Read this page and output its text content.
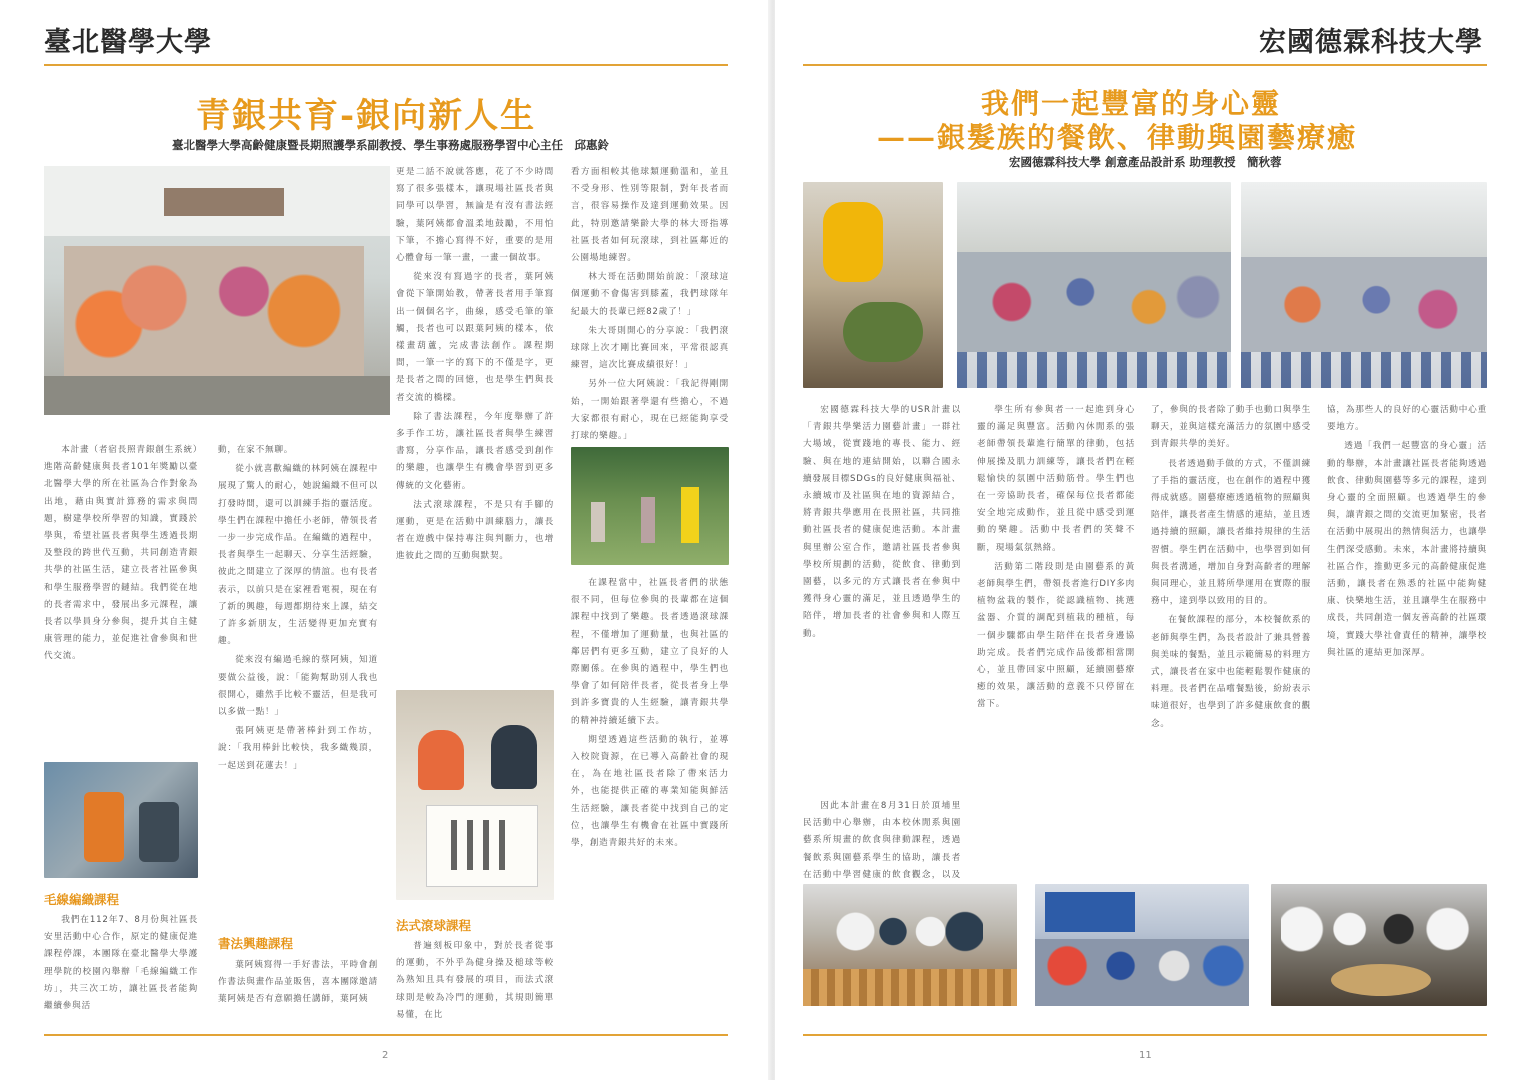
臺北醫學大學
青銀共育-銀向新人生
臺北醫學大學高齡健康暨長期照護學系副教授、學生事務處服務學習中心主任　邱惠鈴

本計畫（者宿長照青銀創生系統）進階高齡健康與長者101年獎勵以臺北醫學大學的所在社區為合作對象為出地，藉由與實計算務的需求與問題，樹建學校所學習的知識，實踐於學與，希望社區長者與學生透過長期及整段的跨世代互動，共同創造青銀共學的社區生活，建立長者社區參與和學生服務學習的鏈結。我們從在地的長者需求中，發展出多元課程，讓長者以學員身分參與，提升其自主健康管理的能力，並促進社會參與和世代交流。

毛線編織課程

我們在112年7、8月份與社區長安里活動中心合作，原定的健康促進課程停課，本團隊在臺北醫學大學護理學院的校園內舉辦「毛線編織工作坊」，共三次工坊，讓社區長者能夠繼續參與活

動，在家不無聊。

從小就喜歡編織的林阿姨在課程中展現了驚人的耐心，她說編織不但可以打發時間，還可以訓練手指的靈活度。學生們在課程中擔任小老師，帶領長者一步一步完成作品。在編織的過程中，長者與學生一起聊天、分享生活經驗，彼此之間建立了深厚的情誼。也有長者表示，以前只是在家裡看電視，現在有了新的興趣，每週都期待來上課，結交了許多新朋友，生活變得更加充實有趣。

從來沒有編過毛線的蔡阿姨，知道要做公益後，說：「能夠幫助別人我也很開心，雖然手比較不靈活，但是我可以多做一點！」

張阿姨更是帶著棒針到工作坊，說：「我用棒針比較快，我多織幾頂，一起送到花蓮去！」

書法興趣課程

葉阿姨寫得一手好書法，平時會創作書法與畫作品並販售，喜本團隊邀請葉阿姨是否有意願擔任講師，葉阿姨

更是二話不說就答應，花了不少時間寫了很多張樣本，讓現場社區長者與同學可以學習，無論是有沒有書法經驗，葉阿姨都會溫柔地鼓勵，不用怕下筆，不擔心寫得不好，重要的是用心體會每一筆一畫，一畫一個故事。

從來沒有寫過字的長者，葉阿姨會從下筆開始教，帶著長者用手筆寫出一個個名字，曲線，感受毛筆的筆觸，長者也可以跟葉阿姨的樣本，依樣畫葫蘆，完成書法創作。課程期間，一筆一字的寫下的不僅是字，更是長者之間的回憶，也是學生們與長者交流的橋樑。

除了書法課程，今年度舉辦了許多手作工坊，讓社區長者與學生練習書寫，分享作品，讓長者感受到創作的樂趣，也讓學生有機會學習到更多傳統的文化藝術。

法式滾球課程，不是只有手腳的運動，更是在活動中訓練腦力，讓長者在遊戲中保持專注與判斷力，也增進彼此之間的互動與默契。

法式滾球課程

普遍刻板印象中，對於長者從事的運動，不外乎為健身操及槌球等較為熟知且具有發展的項目，而法式滾球則是較為冷門的運動，其規則簡單易懂，在比

看方面相較其他球類運動溫和，並且不受身形、性別等限制，對年長者而言，很容易操作及達到運動效果。因此，特別邀請樂齡大學的林大哥指導社區長者如何玩滾球，到社區鄰近的公園場地練習。

林大哥在活動開始前說：「滾球這個運動不會傷害到膝蓋，我們球隊年紀最大的長輩已經82歲了！」

朱大哥則開心的分享說：「我們滾球隊上次才剛比賽回來，平常很認真練習，這次比賽成績很好！」

另外一位大阿姨說：「我記得剛開始，一開始跟著學還有些擔心，不過大家都很有耐心，現在已經能夠享受打球的樂趣。」

在課程當中，社區長者們的狀態很不同，但每位參與的長輩都在這個課程中找到了樂趣。長者透過滾球課程，不僅增加了運動量，也與社區的鄰居們有更多互動，建立了良好的人際關係。在參與的過程中，學生們也學會了如何陪伴長者，從長者身上學到許多寶貴的人生經驗，讓青銀共學的精神持續延續下去。

期望透過這些活動的執行，並導入校院資源，在已導入高齡社會的現在，為在地社區長者除了帶來活力外，也能提供正確的專業知能與鮮活生活經驗，讓長者從中找到自己的定位，也讓學生有機會在社區中實踐所學，創造青銀共好的未來。

2
宏國德霖科技大學
我們一起豐富的身心靈
——銀髮族的餐飲、律動與園藝療癒
宏國德霖科技大學 創意產品設計系 助理教授　簡秋蓉

宏國德霖科技大學的USR計畫以「青銀共學樂活力園藝計畫」一群社大場域，從實踐地的專長、能力、經驗、與在地的連結開始，以聯合國永續發展目標SDGs的良好健康與福祉、永續城市及社區與在地的資源結合，將青銀共學應用在長照社區，共同推動社區長者的健康促進活動。本計畫與里辦公室合作，邀請社區長者參與學校所規劃的活動，從飲食、律動到園藝，以多元的方式讓長者在參與中獲得身心靈的滿足，並且透過學生的陪伴，增加長者的社會參與和人際互動。

因此本計畫在8月31日於頂埔里民活動中心舉辦，由本校休閒系與園藝系所規畫的飲食與律動課程，透過餐飲系與園藝系學生的協助，讓長者在活動中學習健康的飲食觀念，以及

學生所有參與者一一起進到身心靈的滿足與豐富。活動內休閒系的張老師帶領長輩進行簡單的律動，包括伸展操及肌力訓練等，讓長者們在輕鬆愉快的氛圍中活動筋骨。學生們也在一旁協助長者，確保每位長者都能安全地完成動作，並且從中感受到運動的樂趣。活動中長者們的笑聲不斷，現場氣氛熱絡。

活動第二階段則是由園藝系的黃老師與學生們，帶領長者進行DIY多肉植物盆栽的製作，從認識植物、挑選盆器、介質的調配到植栽的種植，每一個步驟都由學生陪伴在長者身邊協助完成。長者們完成作品後都相當開心，並且帶回家中照顧，延續園藝療癒的效果，讓活動的意義不只停留在當下。

了，參與的長者除了動手也動口與學生聊天，並與這樣充滿活力的氛圍中感受到青銀共學的美好。

長者透過動手做的方式，不僅訓練了手指的靈活度，也在創作的過程中獲得成就感。園藝療癒透過植物的照顧與陪伴，讓長者產生情感的連結，並且透過持續的照顧，讓長者維持規律的生活習慣。學生們在活動中，也學習到如何與長者溝通，增加自身對高齡者的理解與同理心，並且將所學運用在實際的服務中，達到學以致用的目的。

在餐飲課程的部分，本校餐飲系的老師與學生們，為長者設計了兼具營養與美味的餐點，並且示範簡易的料理方式，讓長者在家中也能輕鬆製作健康的料理。長者們在品嚐餐點後，紛紛表示味道很好，也學到了許多健康飲食的觀念。

協，為那些人的良好的心靈活動中心重要地方。

透過「我們一起豐富的身心靈」活動的舉辦，本計畫讓社區長者能夠透過飲食、律動與園藝等多元的課程，達到身心靈的全面照顧。也透過學生的參與，讓青銀之間的交流更加緊密，長者在活動中展現出的熱情與活力，也讓學生們深受感動。未來，本計畫將持續與社區合作，推動更多元的高齡健康促進活動，讓長者在熟悉的社區中能夠健康、快樂地生活，並且讓學生在服務中成長，共同創造一個友善高齡的社區環境，實踐大學社會責任的精神，讓學校與社區的連結更加深厚。

11
